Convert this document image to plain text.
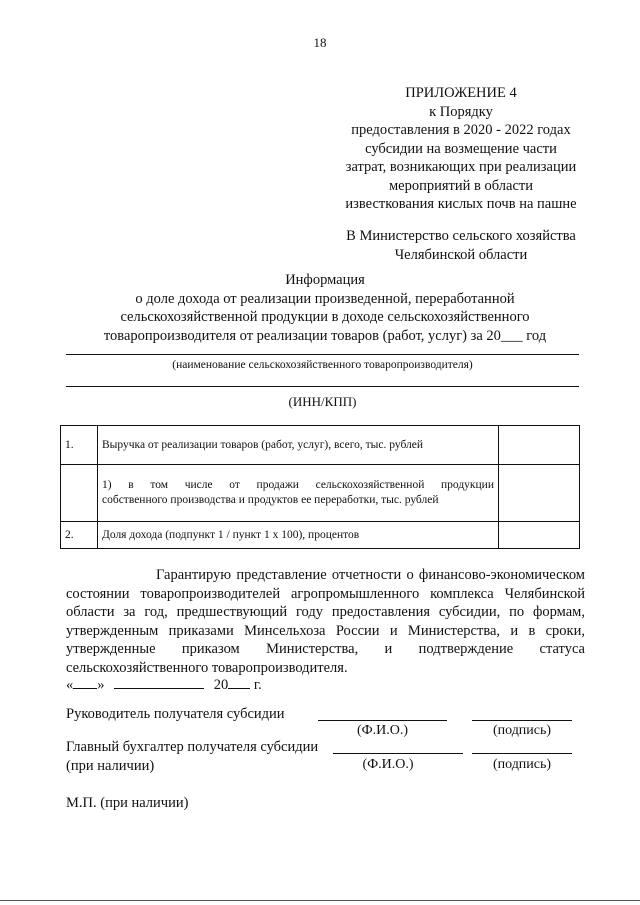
18
ПРИЛОЖЕНИЕ 4
к Порядку
предоставления в 2020 - 2022 годах
субсидии на возмещение части
затрат, возникающих при реализации
мероприятий в области
известкования кислых почв на пашне
В Министерство сельского хозяйства
Челябинской области
Информация
о доле дохода от реализации произведенной, переработанной
сельскохозяйственной продукции в доходе сельскохозяйственного
товаропроизводителя от реализации товаров (работ, услуг) за 20___ год
(наименование сельскохозяйственного товаропроизводителя)
(ИНН/КПП)
1.	Выручка от реализации товаров (работ, услуг), всего, тыс. рублей	

	1) в том числе от продажи сельскохозяйственной продукции
собственного производства и продуктов ее переработки, тыс. рублей	

2.	Доля дохода (подпункт 1 / пункт 1 х 100), процентов	
Гарантирую представление отчетности о финансово-экономическом
состоянии товаропроизводителей агропромышленного комплекса Челябинской
области за год, предшествующий году предоставления субсидии, по формам,
утвержденным приказами Минсельхоза России и Министерства, и в сроки,
утвержденные приказом Министерства, и подтверждение статуса
сельскохозяйственного товаропроизводителя.
« »	20 г.
Руководитель получателя субсидии
(Ф.И.О.)	(подпись)
Главный бухгалтер получателя субсидии
(при наличии)	(Ф.И.О.)	(подпись)
М.П. (при наличии)
